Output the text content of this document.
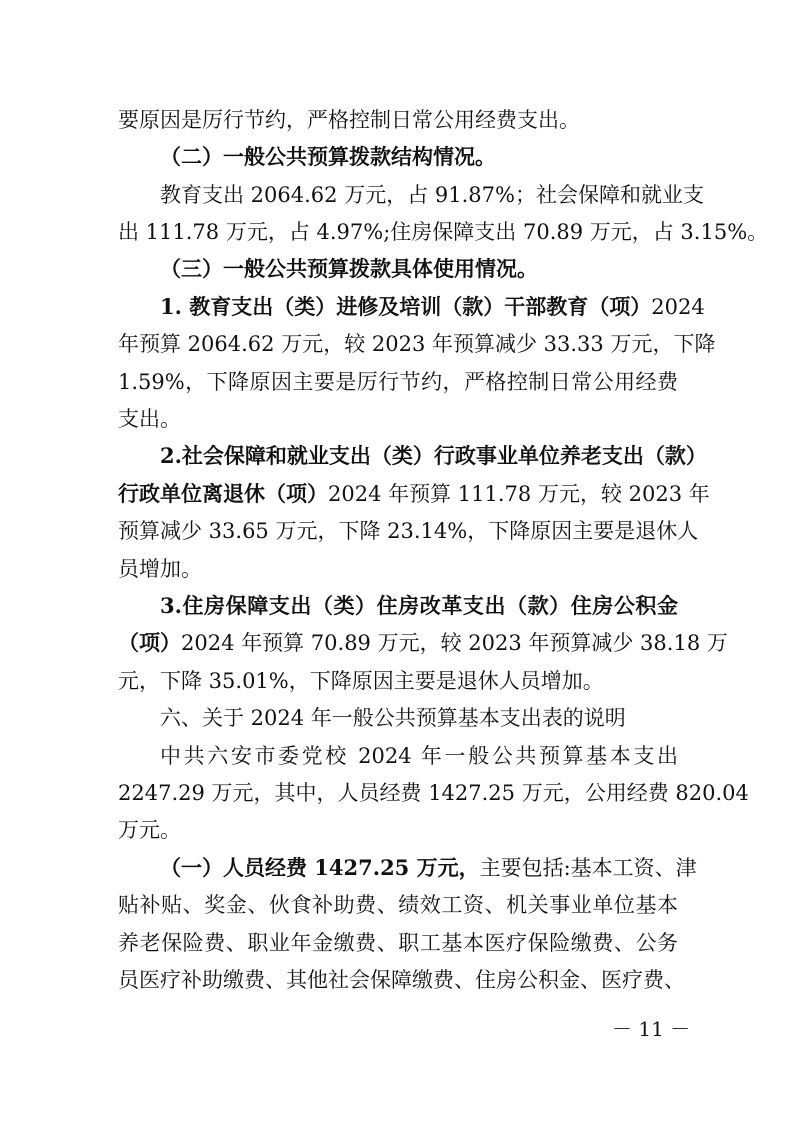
要原因是厉行节约，严格控制日常公用经费支出。
（二）一般公共预算拨款结构情况。
教育支出 2064.62 万元，占 91.87%；社会保障和就业支
出 111.78 万元，占 4.97%;住房保障支出 70.89 万元，占 3.15%。
（三）一般公共预算拨款具体使用情况。
1. 教育支出（类）进修及培训（款）干部教育（项）2024
年预算 2064.62 万元，较 2023 年预算减少 33.33 万元，下降
1.59%，下降原因主要是厉行节约，严格控制日常公用经费
支出。
2.社会保障和就业支出（类）行政事业单位养老支出（款）
行政单位离退休（项）2024 年预算 111.78 万元，较 2023 年
预算减少 33.65 万元，下降 23.14%，下降原因主要是退休人
员增加。
3.住房保障支出（类）住房改革支出（款）住房公积金
（项）2024 年预算 70.89 万元，较 2023 年预算减少 38.18 万
元，下降 35.01%，下降原因主要是退休人员增加。
六、关于 2024 年一般公共预算基本支出表的说明
中共六安市委党校 2024 年一般公共预算基本支出
2247.29 万元，其中，人员经费 1427.25 万元，公用经费 820.04
万元。
（一）人员经费 1427.25 万元，主要包括:基本工资、津
贴补贴、奖金、伙食补助费、绩效工资、机关事业单位基本
养老保险费、职业年金缴费、职工基本医疗保险缴费、公务
员医疗补助缴费、其他社会保障缴费、住房公积金、医疗费、
－ 11 －
